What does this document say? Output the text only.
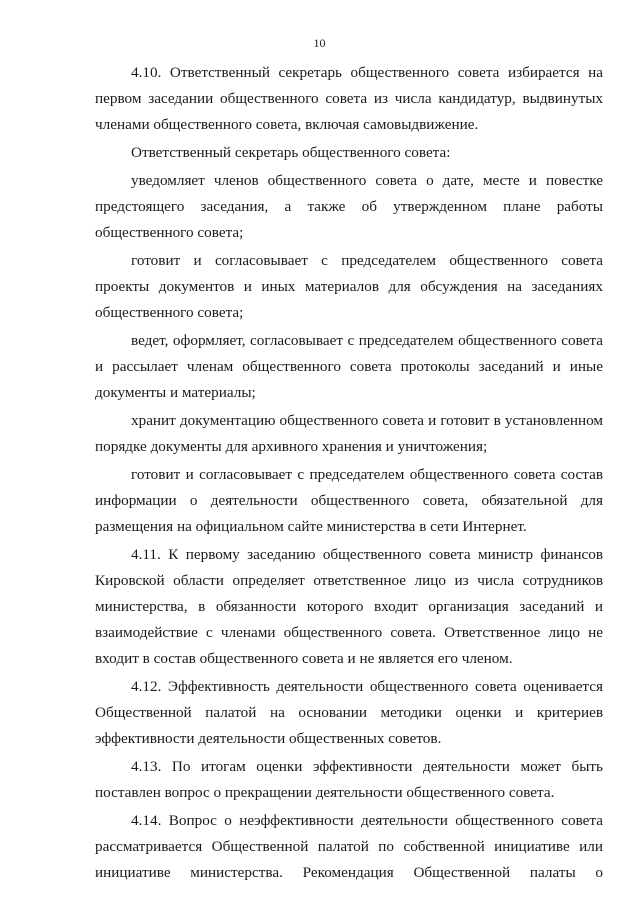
10

4.10. Ответственный секретарь общественного совета избирается на первом заседании общественного совета из числа кандидатур, выдвинутых членами общественного совета, включая самовыдвижение.

Ответственный секретарь общественного совета:

уведомляет членов общественного совета о дате, месте и повестке предстоящего заседания, а также об утвержденном плане работы общественного совета;

готовит и согласовывает с председателем общественного совета проекты документов и иных материалов для обсуждения на заседаниях общественного совета;

ведет, оформляет, согласовывает с председателем общественного совета и рассылает членам общественного совета протоколы заседаний и иные документы и материалы;

хранит документацию общественного совета и готовит в установленном порядке документы для архивного хранения и уничтожения;

готовит и согласовывает с председателем общественного совета состав информации о деятельности общественного совета, обязательной для размещения на официальном сайте министерства в сети Интернет.

4.11. К первому заседанию общественного совета министр финансов Кировской области определяет ответственное лицо из числа сотрудников министерства, в обязанности которого входит организация заседаний и взаимодействие с членами общественного совета. Ответственное лицо не входит в состав общественного совета и не является его членом.

4.12. Эффективность деятельности общественного совета оценивается Общественной палатой на основании методики оценки и критериев эффективности деятельности общественных советов.

4.13. По итогам оценки эффективности деятельности может быть поставлен вопрос о прекращении деятельности общественного совета.

4.14. Вопрос о неэффективности деятельности общественного совета рассматривается Общественной палатой по собственной инициативе или инициативе министерства. Рекомендация Общественной палаты о
